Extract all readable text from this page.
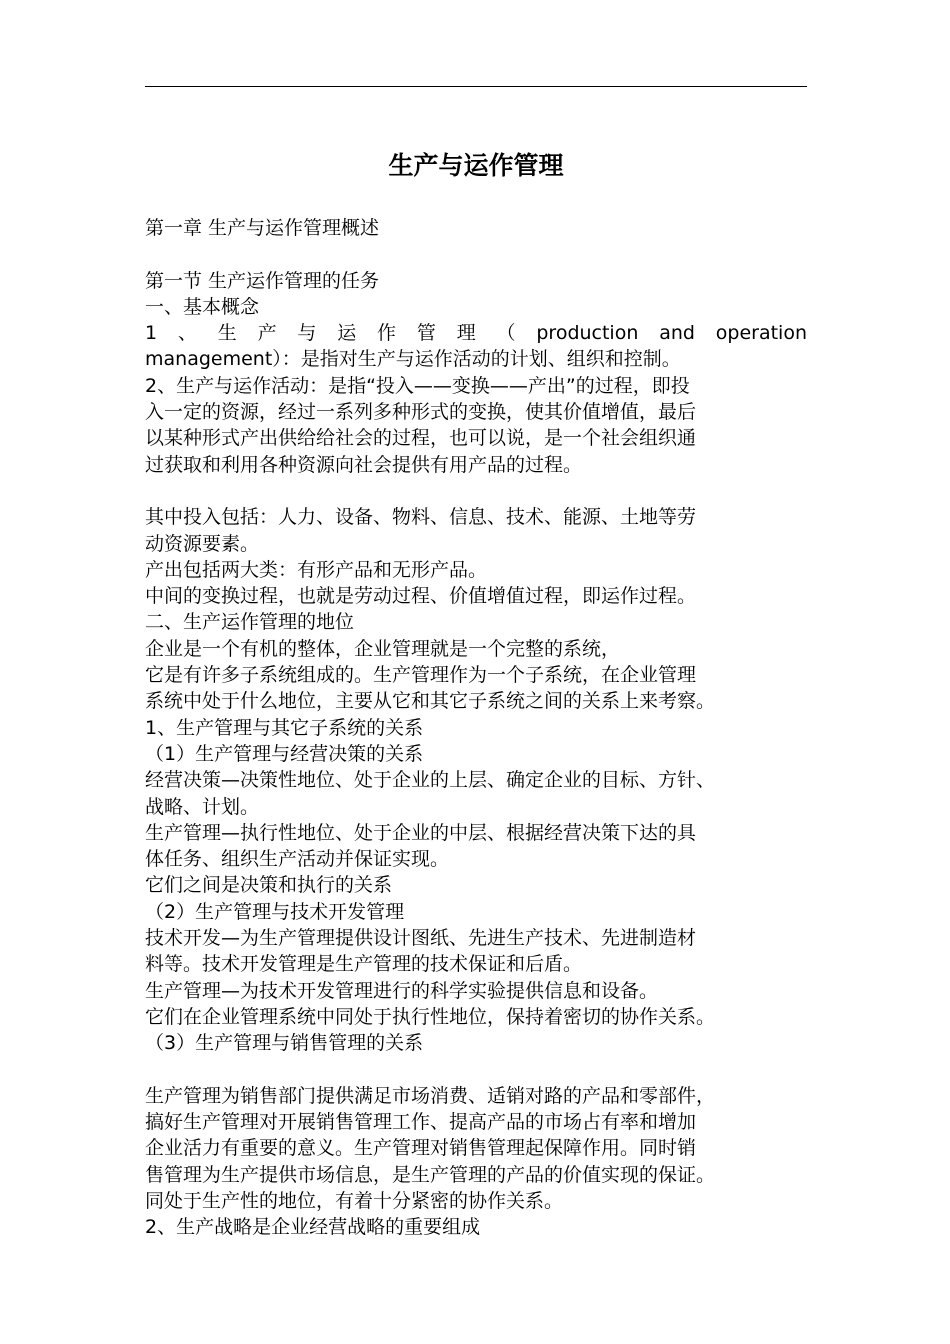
生产与运作管理
第一章 生产与运作管理概述
第一节 生产运作管理的任务
一、基本概念
1 、 生 产 与 运 作 管 理 （ production and operation
management）：是指对生产与运作活动的计划、组织和控制。
2、生产与运作活动：是指“投入——变换——产出”的过程，即投
入一定的资源，经过一系列多种形式的变换，使其价值增值，最后
以某种形式产出供给给社会的过程，也可以说，是一个社会组织通
过获取和利用各种资源向社会提供有用产品的过程。
其中投入包括：人力、设备、物料、信息、技术、能源、土地等劳
动资源要素。
产出包括两大类：有形产品和无形产品。
中间的变换过程，也就是劳动过程、价值增值过程，即运作过程。
二、生产运作管理的地位
企业是一个有机的整体，企业管理就是一个完整的系统，
它是有许多子系统组成的。生产管理作为一个子系统，在企业管理
系统中处于什么地位，主要从它和其它子系统之间的关系上来考察。
1、生产管理与其它子系统的关系
（1）生产管理与经营决策的关系
经营决策—决策性地位、处于企业的上层、确定企业的目标、方针、
战略、计划。
生产管理—执行性地位、处于企业的中层、根据经营决策下达的具
体任务、组织生产活动并保证实现。
它们之间是决策和执行的关系
（2）生产管理与技术开发管理
技术开发—为生产管理提供设计图纸、先进生产技术、先进制造材
料等。技术开发管理是生产管理的技术保证和后盾。
生产管理—为技术开发管理进行的科学实验提供信息和设备。
它们在企业管理系统中同处于执行性地位，保持着密切的协作关系。
（3）生产管理与销售管理的关系
生产管理为销售部门提供满足市场消费、适销对路的产品和零部件，
搞好生产管理对开展销售管理工作、提高产品的市场占有率和增加
企业活力有重要的意义。生产管理对销售管理起保障作用。同时销
售管理为生产提供市场信息，是生产管理的产品的价值实现的保证。
同处于生产性的地位，有着十分紧密的协作关系。
2、生产战略是企业经营战略的重要组成
